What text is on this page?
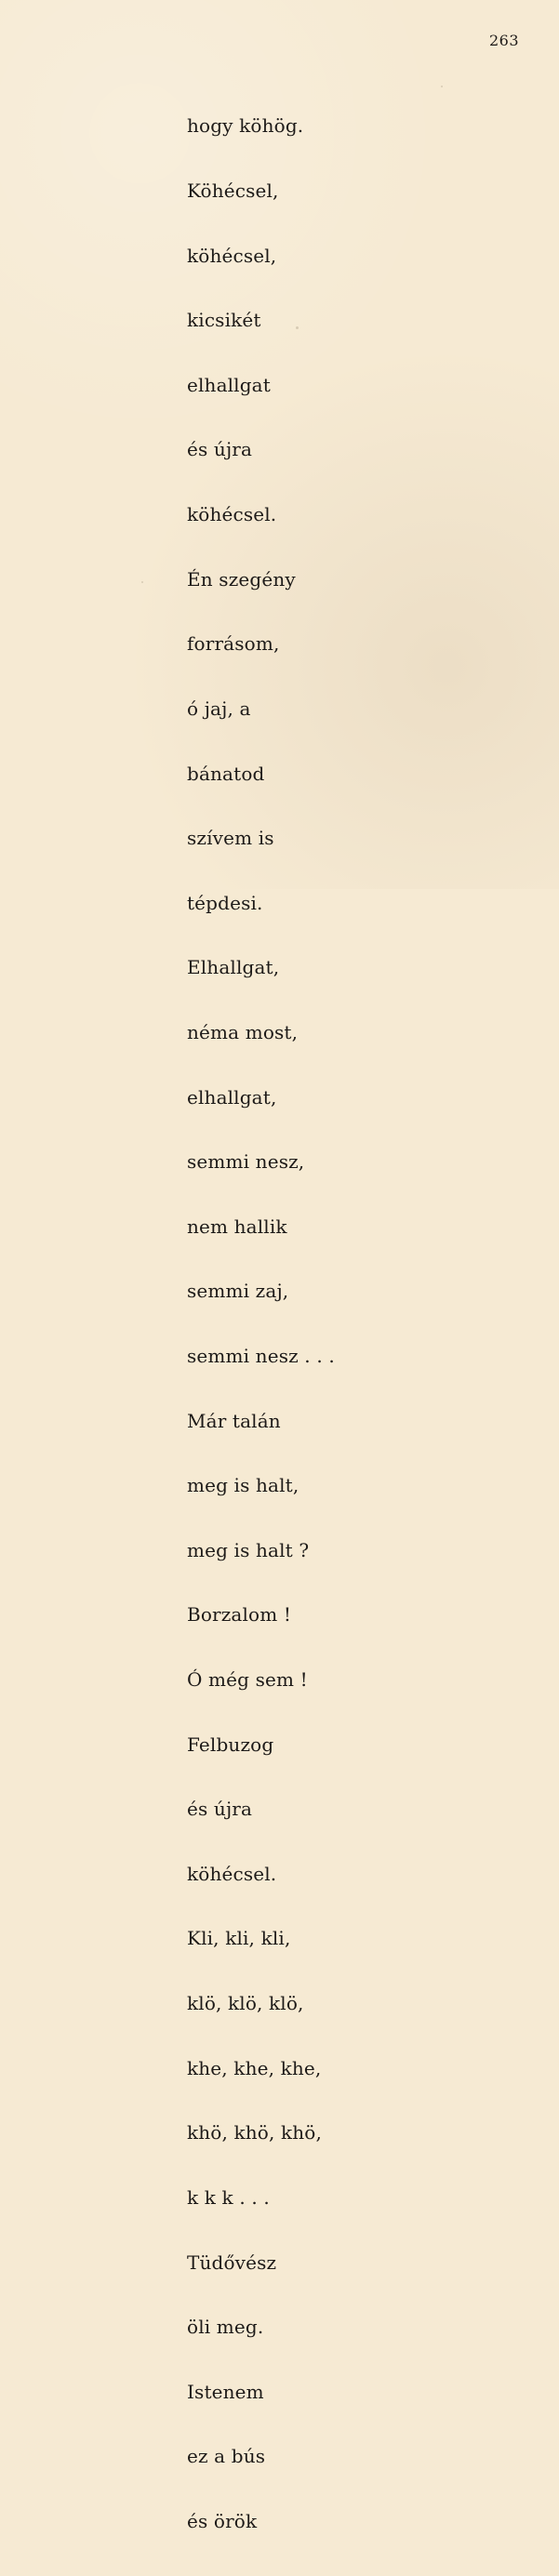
263

hogy köhög.

Köhécsel,

köhécsel,

kicsikét

elhallgat

és újra

köhécsel.

Én szegény

forrásom,

ó jaj, a

bánatod

szívem is

tépdesi.

Elhallgat,

néma most,

elhallgat,

semmi nesz,

nem hallik

semmi zaj,

semmi nesz . . .

Már talán

meg is halt,

meg is halt ?

Borzalom !

Ó még sem !

Felbuzog

és újra

köhécsel.

Kli, kli, kli,

klö, klö, klö,

khe, khe, khe,

khö, khö, khö,

k k k . . .

Tüdővész

öli meg.

Istenem

ez a bús

és örök
